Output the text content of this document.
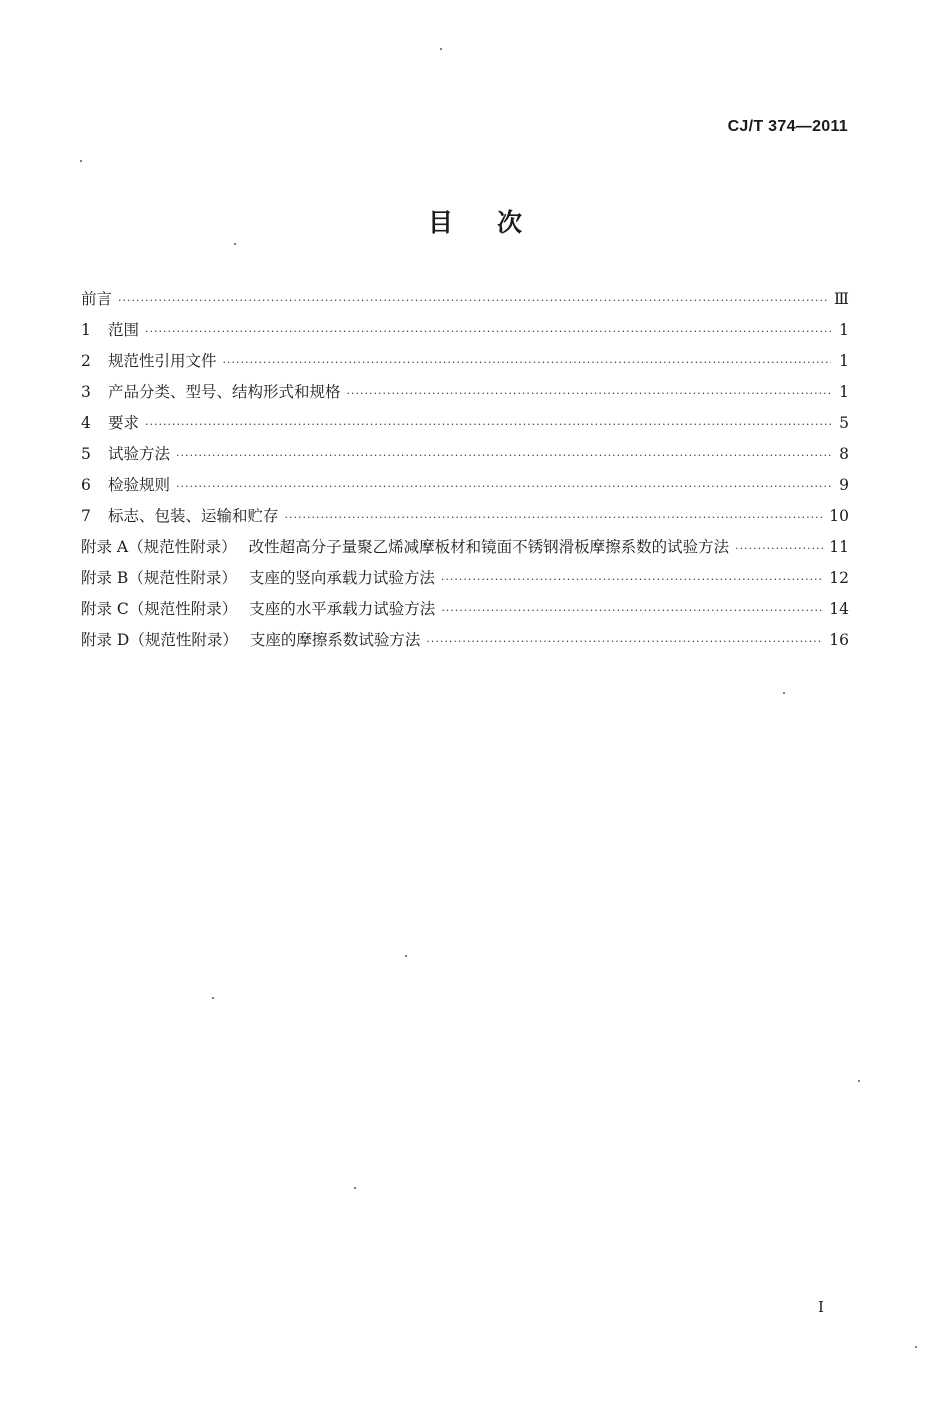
CJ/T 374—2011
目 次
前言 ·····	Ⅲ
1	范围 ·····	1
2	规范性引用文件 ·····	1
3	产品分类、型号、结构形式和规格 ·····	1
4	要求 ·····	5
5	试验方法 ·····	8
6	检验规则 ·····	9
7	标志、包装、运输和贮存 ·····	10
附录 A（规范性附录） 改性超高分子量聚乙烯减摩板材和镜面不锈钢滑板摩擦系数的试验方法 ·····	11
附录 B（规范性附录） 支座的竖向承载力试验方法 ·····	12
附录 C（规范性附录） 支座的水平承载力试验方法 ·····	14
附录 D（规范性附录） 支座的摩擦系数试验方法 ·····	16
I
